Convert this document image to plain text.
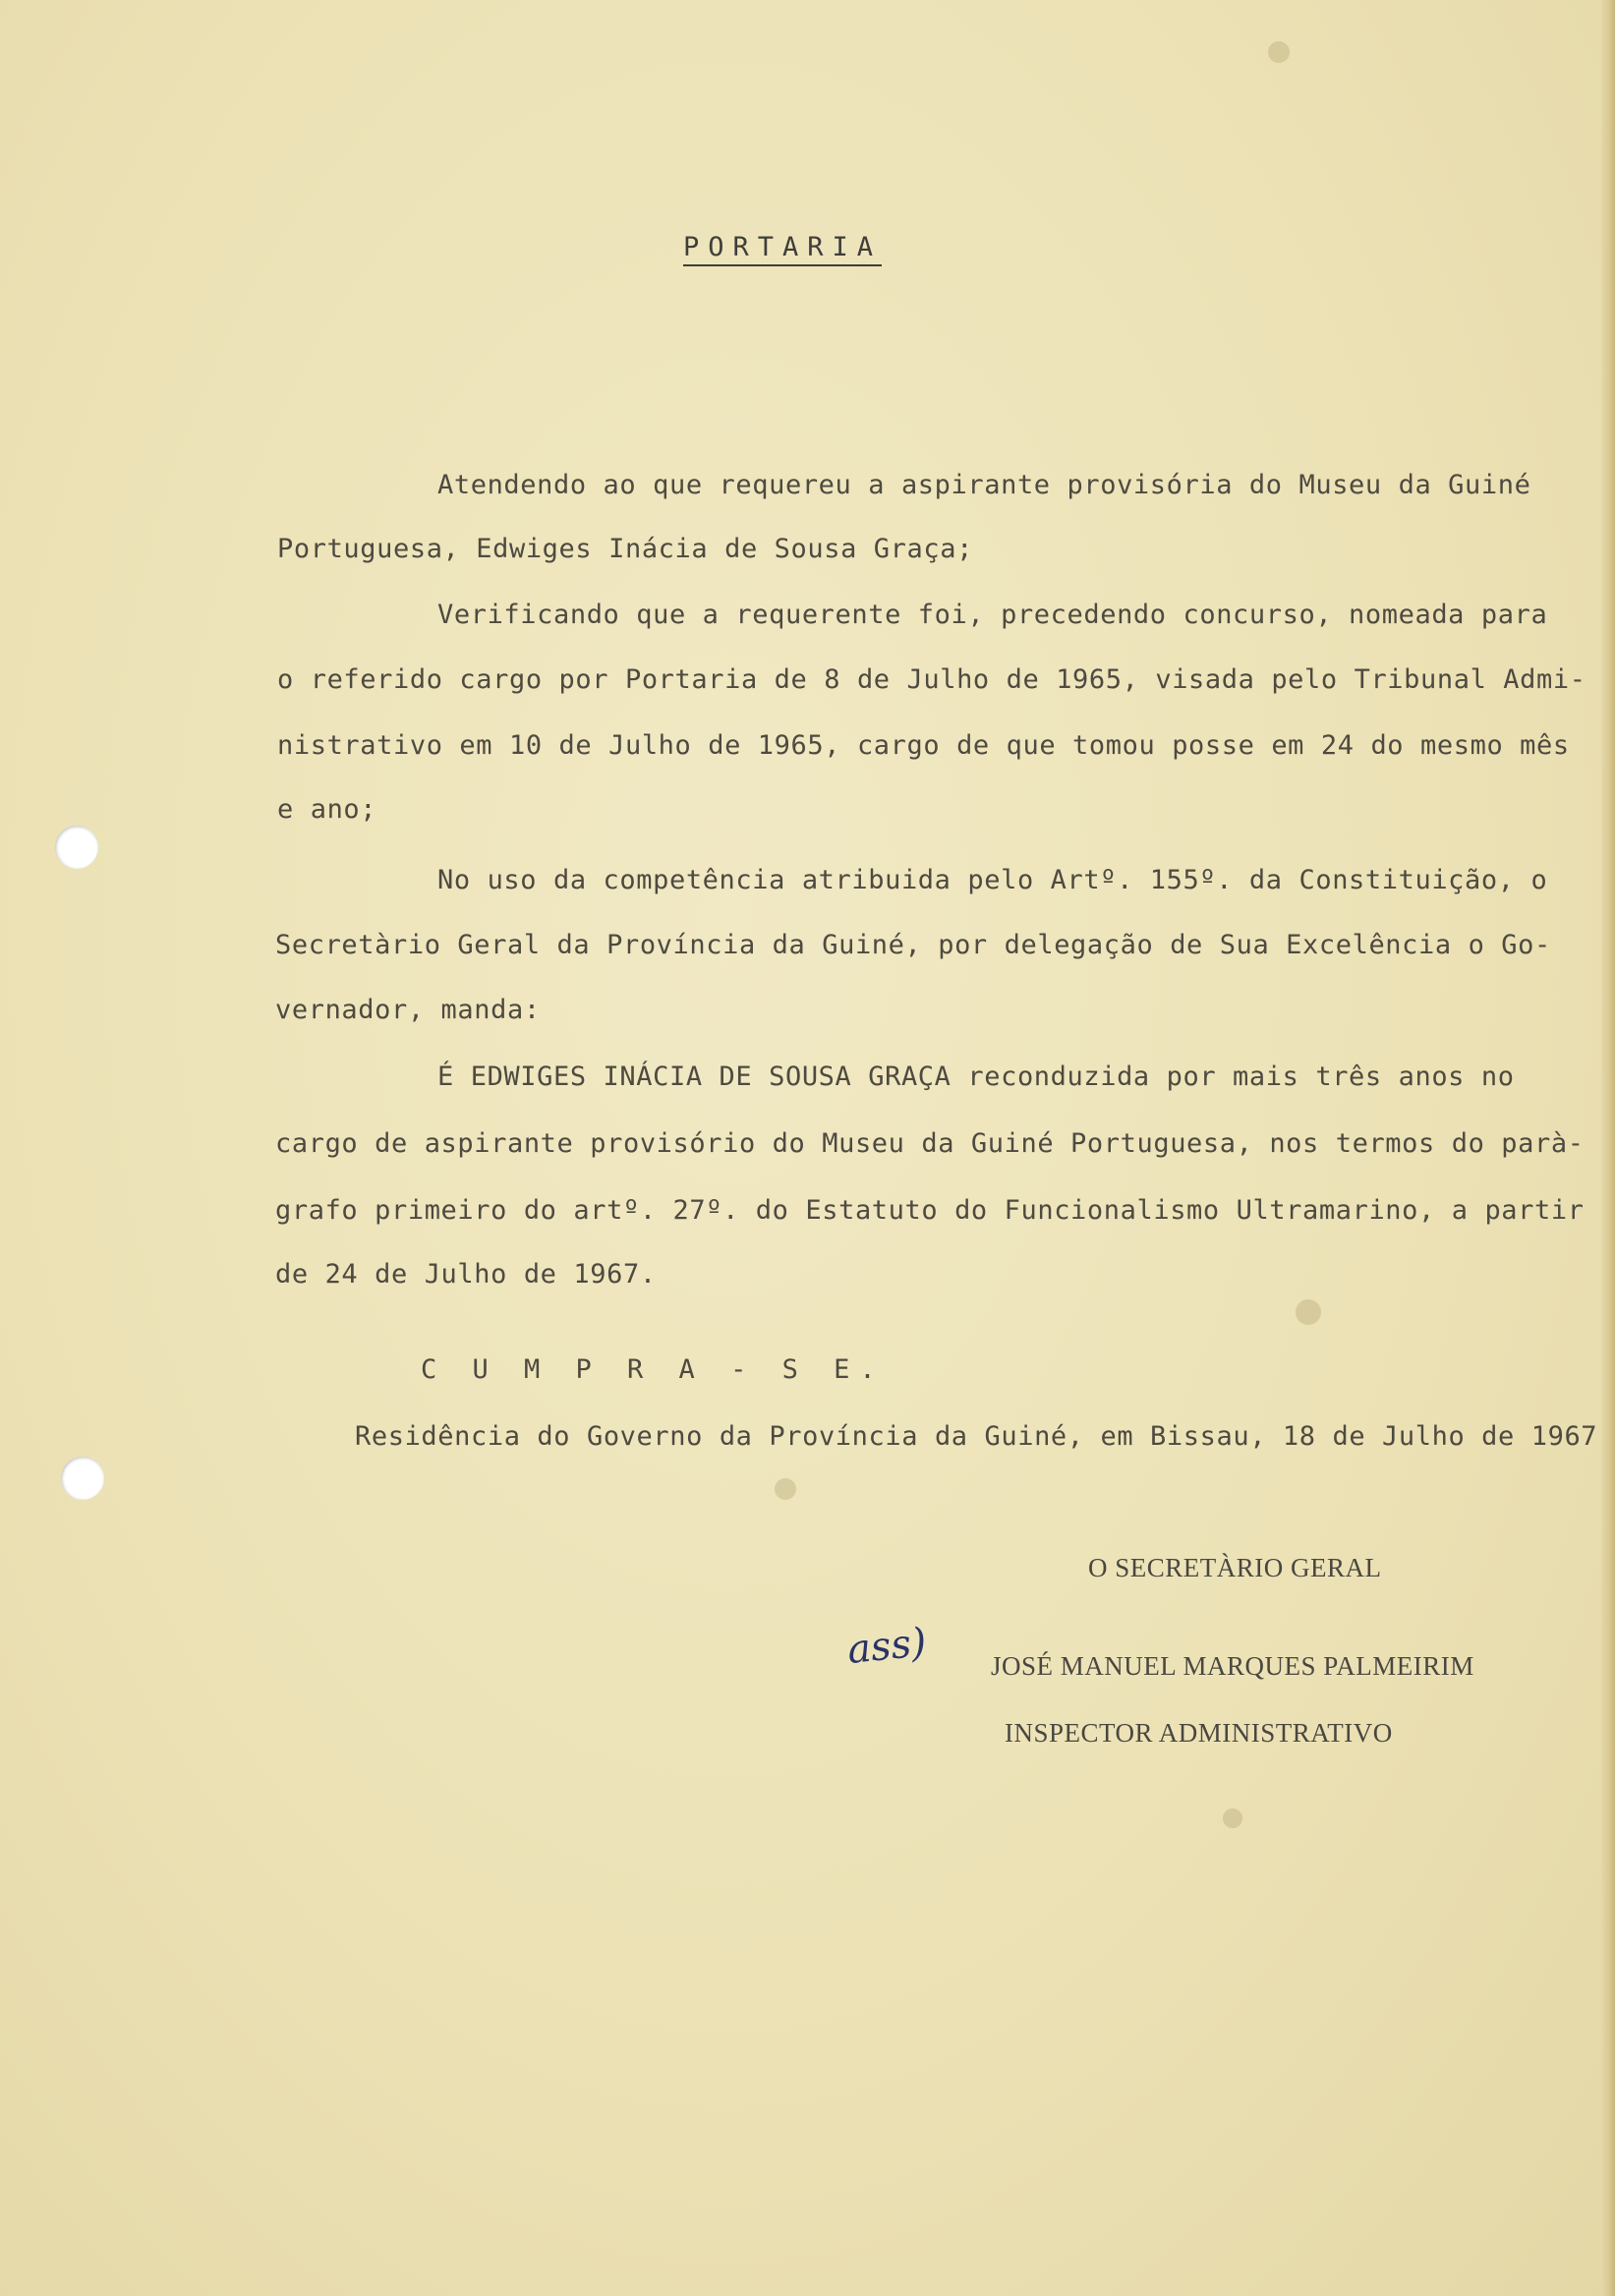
PORTARIA
Atendendo ao que requereu a aspirante provisória do Museu da Guiné
Portuguesa, Edwiges Inácia de Sousa Graça;
Verificando que a requerente foi, precedendo concurso, nomeada para
o referido cargo por Portaria de 8 de Julho de 1965, visada pelo Tribunal Admi-
nistrativo em 10 de Julho de 1965, cargo de que tomou posse em 24 do mesmo mês
e ano;
No uso da competência atribuida pelo Artº. 155º. da Constituição, o
Secretàrio Geral da Província da Guiné, por delegação de Sua Excelência o Go-
vernador, manda:
É EDWIGES INÁCIA DE SOUSA GRAÇA reconduzida por mais três anos no
cargo de aspirante provisório do Museu da Guiné Portuguesa, nos termos do parà-
grafo primeiro do artº. 27º. do Estatuto do Funcionalismo Ultramarino, a partir
de 24 de Julho de 1967.
C U M P R A - S E.
Residência do Governo da Província da Guiné, em Bissau, 18 de Julho de 1967
O SECRETÀRIO GERAL
ass) JOSÉ MANUEL MARQUES PALMEIRIM
INSPECTOR ADMINISTRATIVO
